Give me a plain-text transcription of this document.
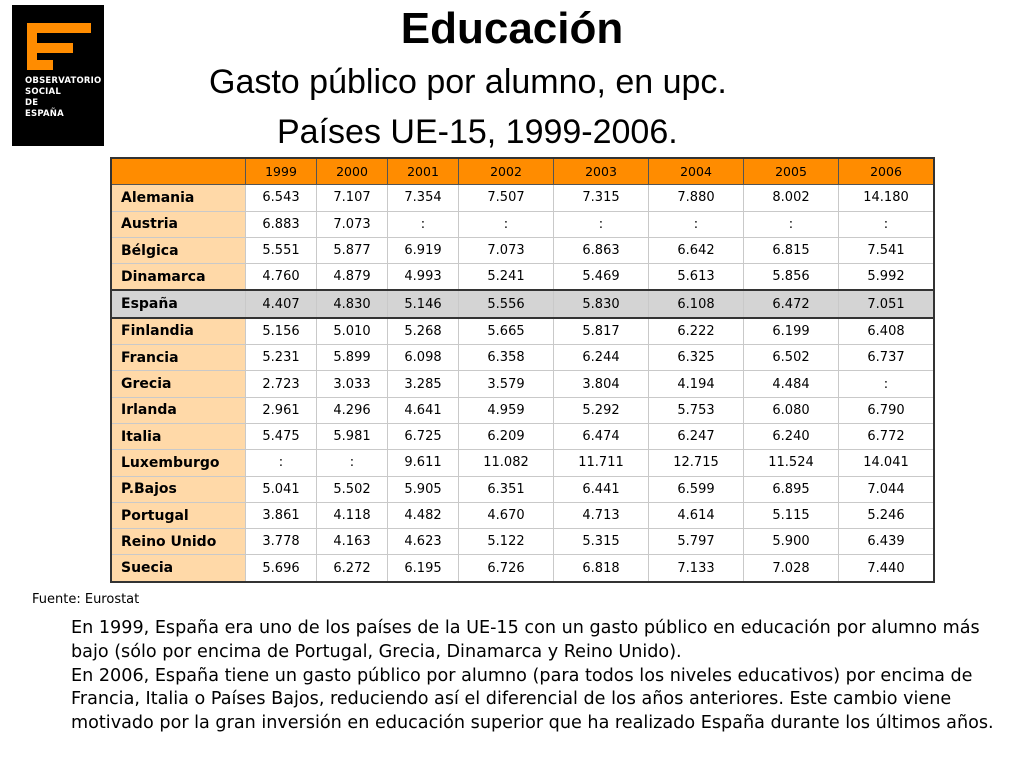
OBSERVATORIO
SOCIAL
DE
ESPAÑA
Educación
Gasto público por alumno, en upc.
Países UE-15, 1999-2006.
	1999	2000	2001	2002	2003	2004	2005	2006
Alemania	6.543	7.107	7.354	7.507	7.315	7.880	8.002	14.180
Austria	6.883	7.073	:	:	:	:	:	:
Bélgica	5.551	5.877	6.919	7.073	6.863	6.642	6.815	7.541
Dinamarca	4.760	4.879	4.993	5.241	5.469	5.613	5.856	5.992
España	4.407	4.830	5.146	5.556	5.830	6.108	6.472	7.051
Finlandia	5.156	5.010	5.268	5.665	5.817	6.222	6.199	6.408
Francia	5.231	5.899	6.098	6.358	6.244	6.325	6.502	6.737
Grecia	2.723	3.033	3.285	3.579	3.804	4.194	4.484	:
Irlanda	2.961	4.296	4.641	4.959	5.292	5.753	6.080	6.790
Italia	5.475	5.981	6.725	6.209	6.474	6.247	6.240	6.772
Luxemburgo	:	:	9.611	11.082	11.711	12.715	11.524	14.041
P.Bajos	5.041	5.502	5.905	6.351	6.441	6.599	6.895	7.044
Portugal	3.861	4.118	4.482	4.670	4.713	4.614	5.115	5.246
Reino Unido	3.778	4.163	4.623	5.122	5.315	5.797	5.900	6.439
Suecia	5.696	6.272	6.195	6.726	6.818	7.133	7.028	7.440
Fuente: Eurostat

En 1999, España era uno de los países de la UE-15 con un gasto público en educación por alumno más bajo (sólo por encima de Portugal, Grecia, Dinamarca y Reino Unido).

En 2006, España tiene un gasto público por alumno (para todos los niveles educativos) por encima de Francia, Italia o Países Bajos, reduciendo así el diferencial de los años anteriores. Este cambio viene motivado por la gran inversión en educación superior que ha realizado España durante los últimos años.
